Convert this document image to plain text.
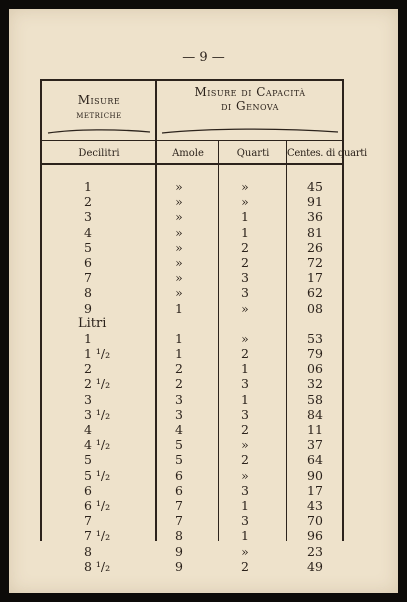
— 9 —
Misure
metriche
Misure di Capacità
di Genova
Decilitri	Amole	Quarti	Centes. di quarti
1	»	»	45
2	»	»	91
3	»	1	36
4	»	1	81
5	»	2	26
6	»	2	72
7	»	3	17
8	»	3	62
9	1	»	08
Litri
1	1	»	53
1 ¹/₂	1	2	79
2	2	1	06
2 ¹/₂	2	3	32
3	3	1	58
3 ¹/₂	3	3	84
4	4	2	11
4 ¹/₂	5	»	37
5	5	2	64
5 ¹/₂	6	»	90
6	6	3	17
6 ¹/₂	7	1	43
7	7	3	70
7 ¹/₂	8	1	96
8	9	»	23
8 ¹/₂	9	2	49
